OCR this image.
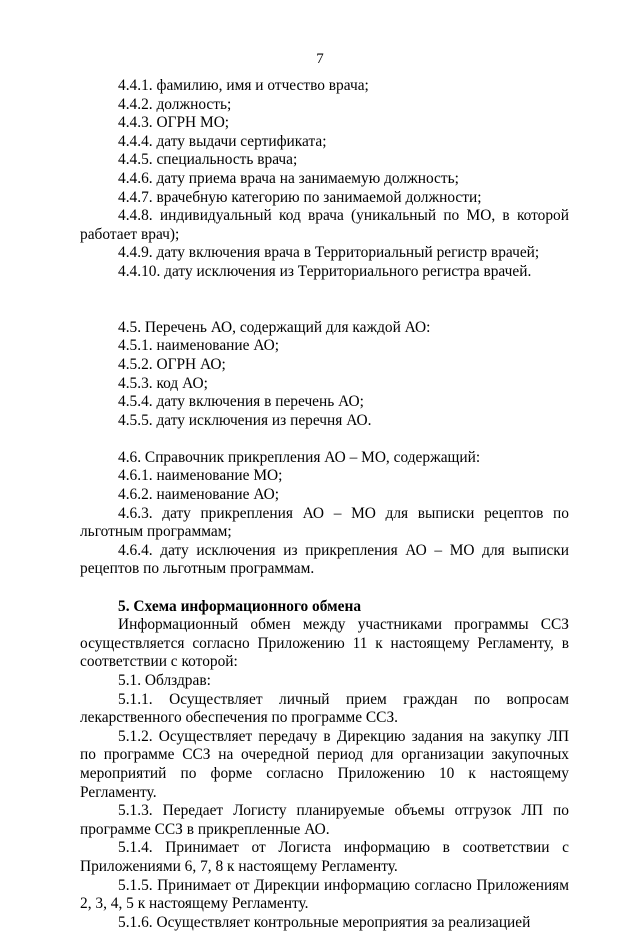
7

4.4.1. фамилию, имя и отчество врача;

4.4.2. должность;

4.4.3. ОГРН МО;

4.4.4. дату выдачи сертификата;

4.4.5. специальность врача;

4.4.6. дату приема врача на занимаемую должность;

4.4.7. врачебную категорию по занимаемой должности;

4.4.8. индивидуальный код врача (уникальный по МО, в которой работает врач);

4.4.9. дату включения врача в Территориальный регистр врачей;

4.4.10. дату исключения из Территориального регистра врачей.

4.5. Перечень АО, содержащий для каждой АО:

4.5.1. наименование АО;

4.5.2. ОГРН АО;

4.5.3. код АО;

4.5.4. дату включения в перечень АО;

4.5.5. дату исключения из перечня АО.

4.6. Справочник прикрепления АО – МО, содержащий:

4.6.1. наименование МО;

4.6.2. наименование АО;

4.6.3. дату прикрепления АО – МО для выписки рецептов по льготным программам;

4.6.4. дату исключения из прикрепления АО – МО для выписки рецептов по льготным программам.

5. Схема информационного обмена

Информационный обмен между участниками программы ССЗ осуществляется согласно Приложению 11 к настоящему Регламенту, в соответствии с которой:

5.1. Облздрав:

5.1.1. Осуществляет личный прием граждан по вопросам лекарственного обеспечения по программе ССЗ.

5.1.2. Осуществляет передачу в Дирекцию задания на закупку ЛП по программе ССЗ на очередной период для организации закупочных мероприятий по форме согласно Приложению 10 к настоящему Регламенту.

5.1.3. Передает Логисту планируемые объемы отгрузок ЛП по программе ССЗ в прикрепленные АО.

5.1.4. Принимает от Логиста информацию в соответствии с Приложениями 6, 7, 8 к настоящему Регламенту.

5.1.5. Принимает от Дирекции информацию согласно Приложениям 2, 3, 4, 5 к настоящему Регламенту.

5.1.6. Осуществляет контрольные мероприятия за реализацией
